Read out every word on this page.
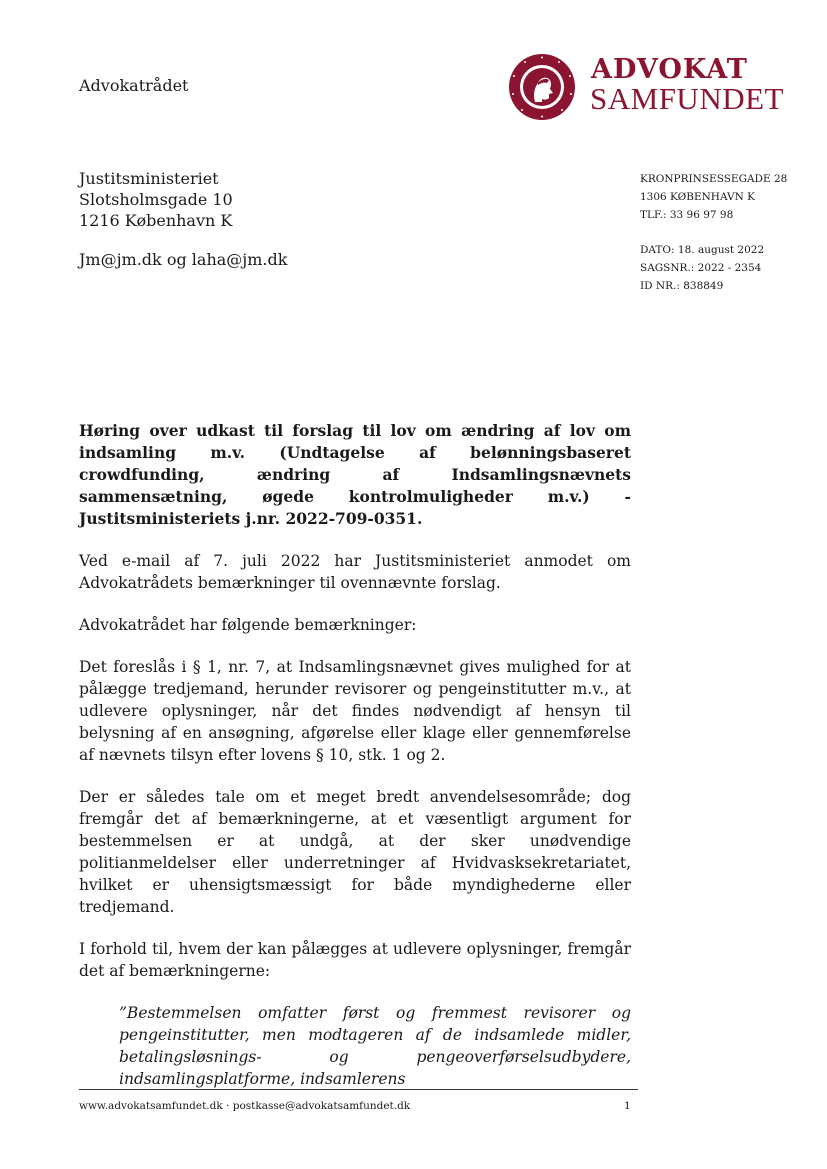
Advokatrådet
ADVOKAT
SAMFUNDET
Justitsministeriet
Slotsholmsgade 10
1216 København K
Jm@jm.dk og laha@jm.dk
KRONPRINSESSEGADE 28
1306 KØBENHAVN K
TLF.: 33 96 97 98
DATO: 18. august 2022
SAGSNR.: 2022 - 2354
ID NR.: 838849

Høring over udkast til forslag til lov om ændring af lov om indsamling m.v. (Undtagelse af belønningsbaseret crowdfunding, ændring af Indsamlingsnævnets sammensætning, øgede kontrolmuligheder m.v.) - Justitsministeriets j.nr. 2022-709-0351.

Ved e-mail af 7. juli 2022 har Justitsministeriet anmodet om Advokatrådets bemærkninger til ovennævnte forslag.

Advokatrådet har følgende bemærkninger:

Det foreslås i § 1, nr. 7, at Indsamlingsnævnet gives mulighed for at pålægge tredjemand, herunder revisorer og pengeinstitutter m.v., at udlevere oplysninger, når det findes nødvendigt af hensyn til belysning af en ansøgning, afgørelse eller klage eller gennemførelse af nævnets tilsyn efter lovens § 10, stk. 1 og 2.

Der er således tale om et meget bredt anvendelsesområde; dog fremgår det af bemærkningerne, at et væsentligt argument for bestemmelsen er at undgå, at der sker unødvendige politianmeldelser eller underretninger af Hvidvasksekretariatet, hvilket er uhensigtsmæssigt for både myndighederne eller tredjemand.

I forhold til, hvem der kan pålægges at udlevere oplysninger, fremgår det af bemærkningerne:

”Bestemmelsen omfatter først og fremmest revisorer og pengeinstitutter, men modtageren af de indsamlede midler, betalingsløsnings- og pengeoverførselsudbydere, indsamlingsplatforme, indsamlerens

www.advokatsamfundet.dk · postkasse@advokatsamfundet.dk	1
